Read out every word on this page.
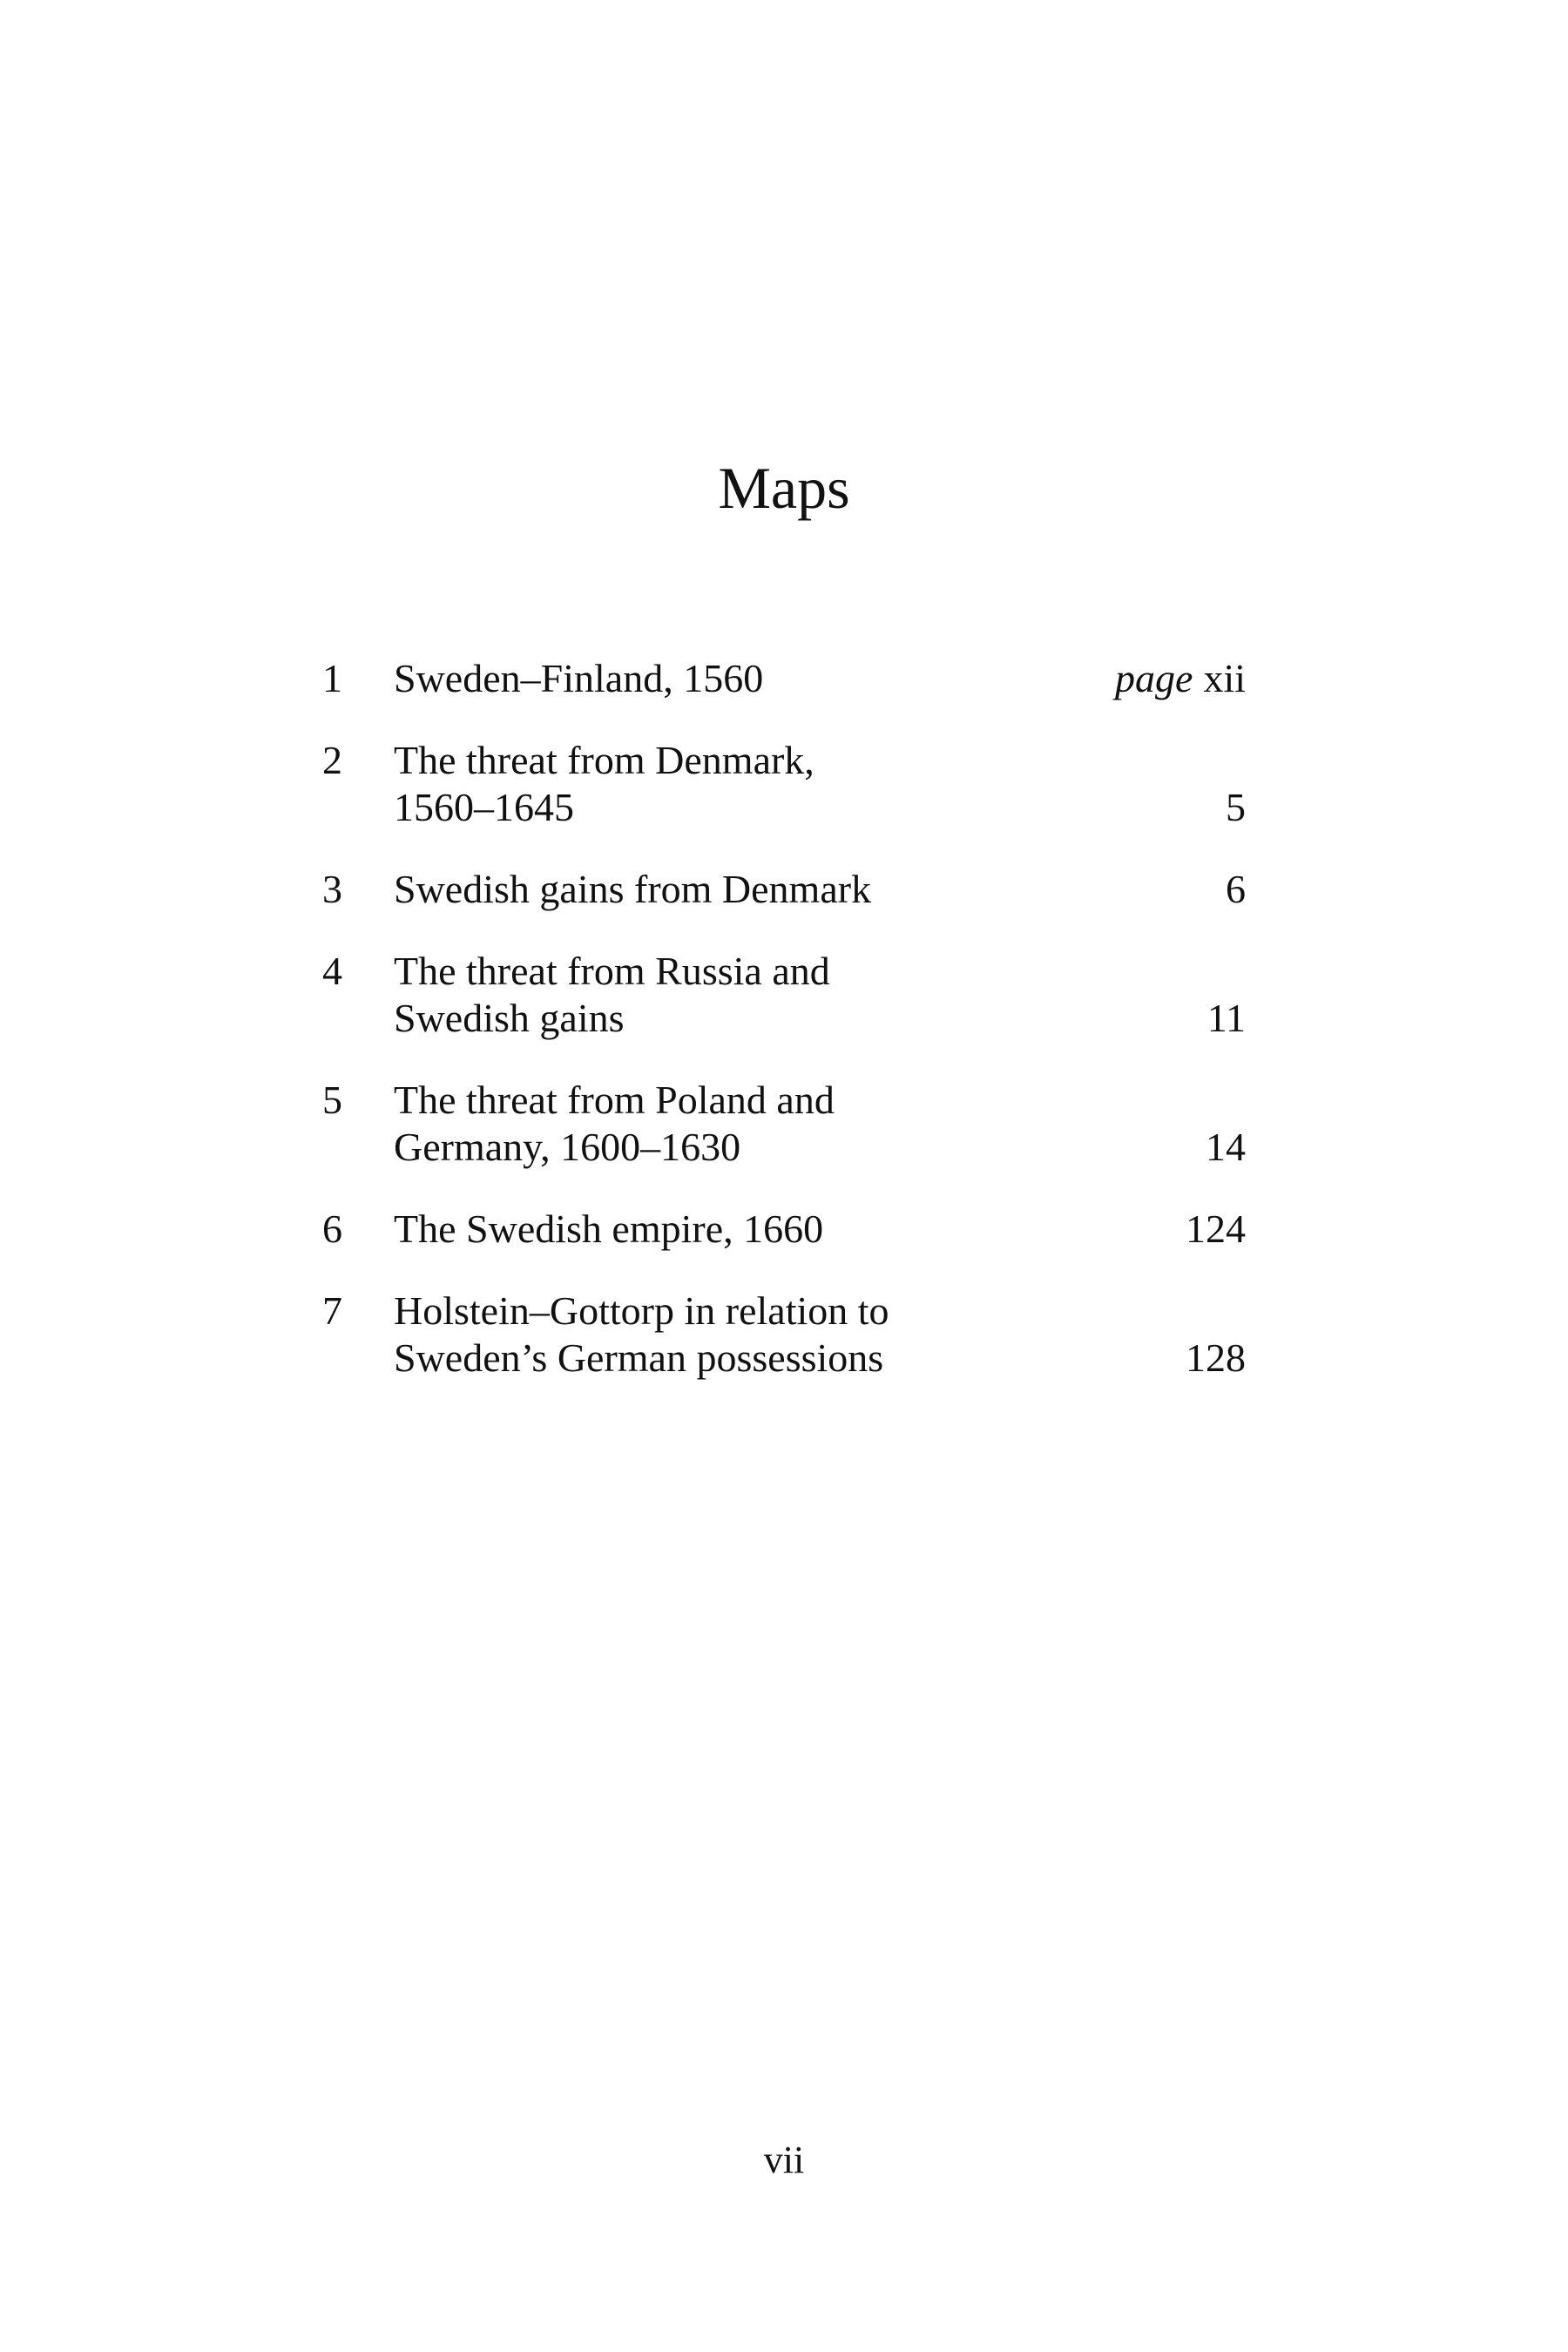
Maps
1	Sweden–Finland, 1560	page xii
2	The threat from Denmark,
1560–1645	5
3	Swedish gains from Denmark	6
4	The threat from Russia and
Swedish gains	11
5	The threat from Poland and
Germany, 1600–1630	14
6	The Swedish empire, 1660	124
7	Holstein–Gottorp in relation to
Sweden’s German possessions	128
vii
